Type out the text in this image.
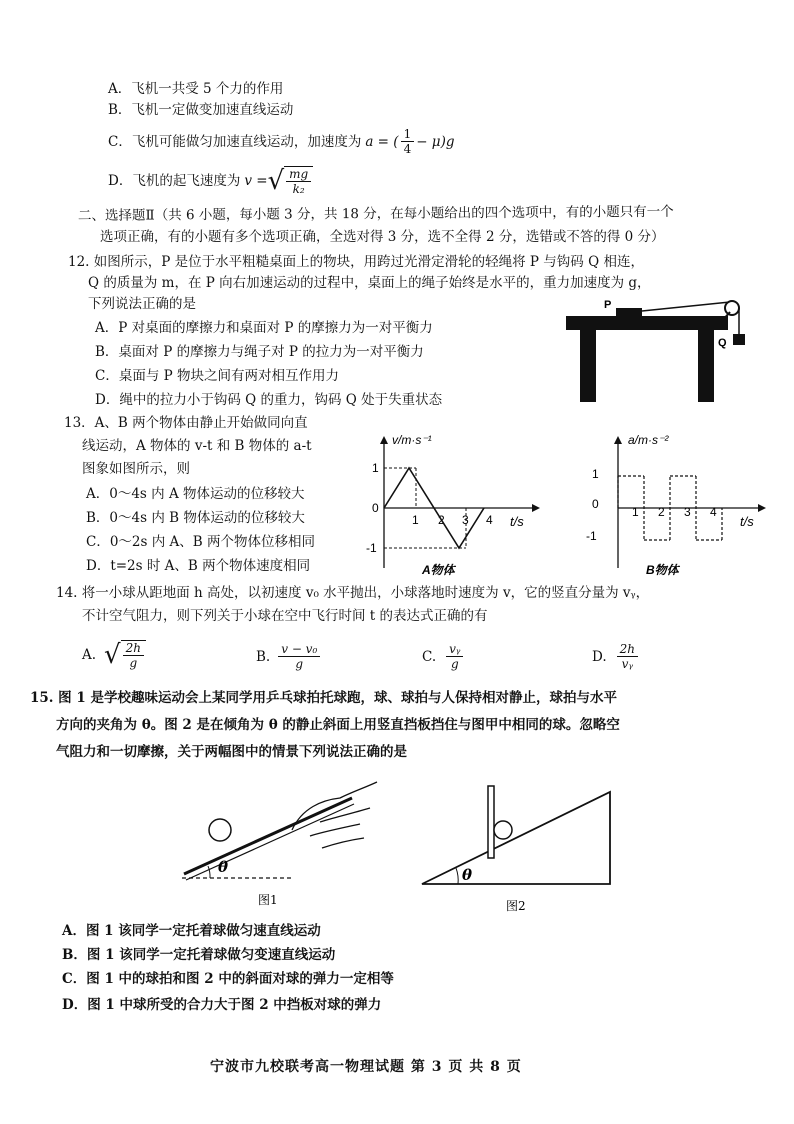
A．飞机一共受 5 个力的作用
B．飞机一定做变加速直线运动
C．飞机可能做匀加速直线运动，加速度为 a = ( $\frac{1}{4} - \mu)g$
D．飞机的起飞速度为 v = √ $\frac{mg}{\text{k₂}}$
二、选择题Ⅱ（共 6 小题，每小题 3 分，共 18 分，在每小题给出的四个选项中，有的小题只有一个
选项正确，有的小题有多个选项正确，全选对得 3 分，选不全得 2 分，选错或不答的得 0 分）
12. 如图所示，P 是位于水平粗糙桌面上的物块，用跨过光滑定滑轮的轻绳将 P 与钩码 Q 相连，
Q 的质量为 m，在 P 向右加速运动的过程中，桌面上的绳子始终是水平的，重力加速度为 g，
下列说法正确的是
A．P 对桌面的摩擦力和桌面对 P 的摩擦力为一对平衡力
B．桌面对 P 的摩擦力与绳子对 P 的拉力为一对平衡力
C．桌面与 P 物块之间有两对相互作用力
D．绳中的拉力小于钩码 Q 的重力，钩码 Q 处于失重状态
P
Q
13．A、B 两个物体由静止开始做同向直
线运动，A 物体的 v-t 和 B 物体的 a-t
图象如图所示，则
A．0～4s 内 A 物体运动的位移较大
B．0～4s 内 B 物体运动的位移较大
C．0～2s 内 A、B 两个物体位移相同
D．t=2s 时 A、B 两个物体速度相同
v/m·s⁻¹
t/s
1
0
-1
1 2 3 4
A物体
a/m·s⁻²
t/s
1
0
-1
1 2 3 4
B物体
14. 将一小球从距地面 h 高处，以初速度 v₀ 水平抛出，小球落地时速度为 v，它的竖直分量为 vᵧ，
不计空气阻力，则下列关于小球在空中飞行时间 t 的表达式正确的有
A. √ $\frac{2h}{g}$	B. $\frac{\text{v − v₀}}{g}$	C. $\frac{\text{vᵧ}}{g}$	D. $\frac{2h}{\text{vᵧ}}$
15. 图 1 是学校趣味运动会上某同学用乒乓球拍托球跑，球、球拍与人保持相对静止，球拍与水平
方向的夹角为 θ。图 2 是在倾角为 θ 的静止斜面上用竖直挡板挡住与图甲中相同的球。忽略空
气阻力和一切摩擦，关于两幅图中的情景下列说法正确的是
θ
图1
θ
图2
A．图 1 该同学一定托着球做匀速直线运动
B．图 1 该同学一定托着球做匀变速直线运动
C．图 1 中的球拍和图 2 中的斜面对球的弹力一定相等
D．图 1 中球所受的合力大于图 2 中挡板对球的弹力
宁波市九校联考高一物理试题 第 3 页 共 8 页
